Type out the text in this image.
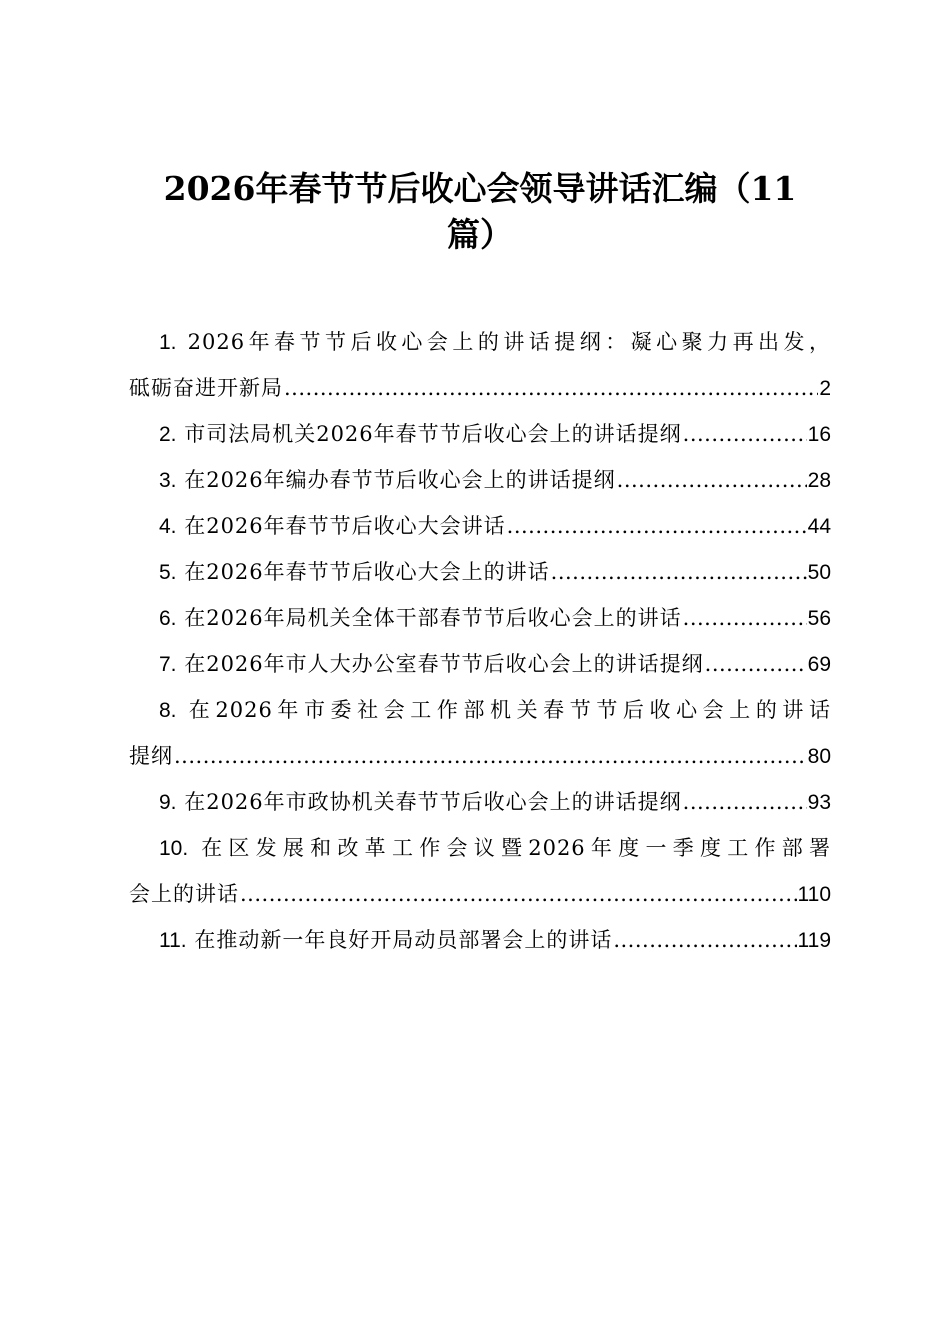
2026年春节节后收心会领导讲话汇编（11
篇）
1. 2026年春节节后收心会上的讲话提纲：凝心聚力再出发，
砥砺奋进开新局 .....	2
2. 市司法局机关2026年春节节后收心会上的讲话提纲 .....	16
3. 在2026年编办春节节后收心会上的讲话提纲 .....	28
4. 在2026年春节节后收心大会讲话 .....	44
5. 在2026年春节节后收心大会上的讲话 .....	50
6. 在2026年局机关全体干部春节节后收心会上的讲话 .....	56
7. 在2026年市人大办公室春节节后收心会上的讲话提纲 .....	69
8. 在2026年市委社会工作部机关春节节后收心会上的讲话
提纲 .....	80
9. 在2026年市政协机关春节节后收心会上的讲话提纲 .....	93
10. 在区发展和改革工作会议暨2026年度一季度工作部署
会上的讲话 .....	110
11. 在推动新一年良好开局动员部署会上的讲话 .....	119
